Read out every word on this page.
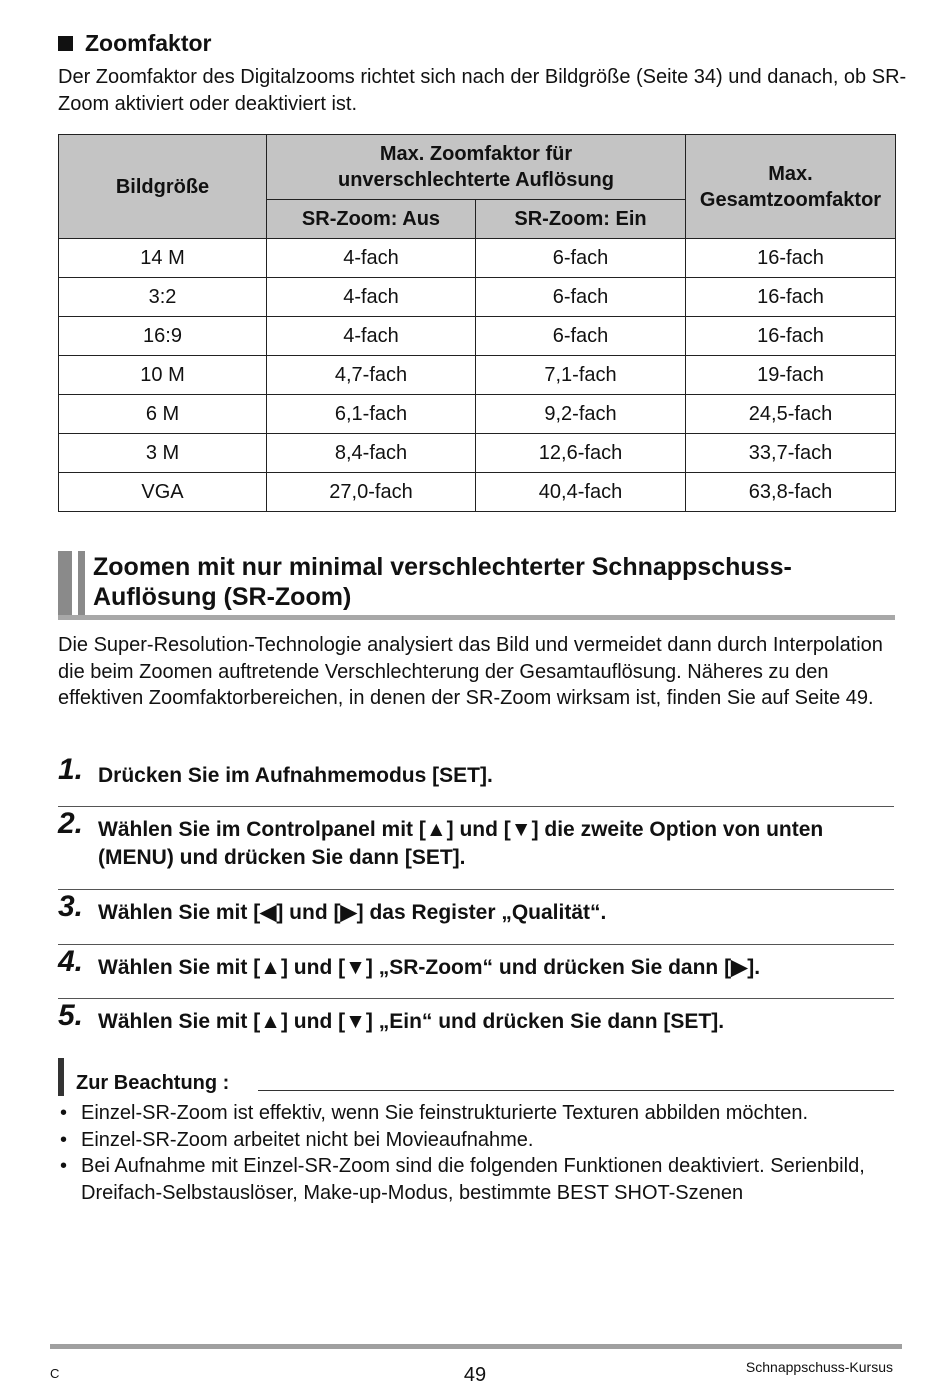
Zoomfaktor
Der Zoomfaktor des Digitalzooms richtet sich nach der Bildgröße (Seite 34) und danach, ob SR-Zoom aktiviert oder deaktiviert ist.
Bildgröße	Max. Zoomfaktor für unverschlechterte Auflösung		Max. Gesamtzoomfaktor
	SR-Zoom: Aus	SR-Zoom: Ein	
14 M	4-fach	6-fach	16-fach
3:2	4-fach	6-fach	16-fach
16:9	4-fach	6-fach	16-fach
10 M	4,7-fach	7,1-fach	19-fach
6 M	6,1-fach	9,2-fach	24,5-fach
3 M	8,4-fach	12,6-fach	33,7-fach
VGA	27,0-fach	40,4-fach	63,8-fach
Zoomen mit nur minimal verschlechterter Schnappschuss-
Auflösung (SR-Zoom)
Die Super-Resolution-Technologie analysiert das Bild und vermeidet dann durch Interpolation die beim Zoomen auftretende Verschlechterung der Gesamtauflösung. Näheres zu den effektiven Zoomfaktorbereichen, in denen der SR-Zoom wirksam ist, finden Sie auf Seite 49.
1. Drücken Sie im Aufnahmemodus [SET].
2. Wählen Sie im Controlpanel mit [▲] und [▼] die zweite Option von unten (MENU) und drücken Sie dann [SET].
3. Wählen Sie mit [◀] und [▶] das Register „Qualität“.
4. Wählen Sie mit [▲] und [▼] „SR-Zoom“ und drücken Sie dann [▶].
5. Wählen Sie mit [▲] und [▼] „Ein“ und drücken Sie dann [SET].
Zur Beachtung :
• Einzel-SR-Zoom ist effektiv, wenn Sie feinstrukturierte Texturen abbilden möchten.
• Einzel-SR-Zoom arbeitet nicht bei Movieaufnahme.
• Bei Aufnahme mit Einzel-SR-Zoom sind die folgenden Funktionen deaktiviert. Serienbild, Dreifach-Selbstauslöser, Make-up-Modus, bestimmte BEST SHOT-Szenen
C	49	Schnappschuss-Kursus
